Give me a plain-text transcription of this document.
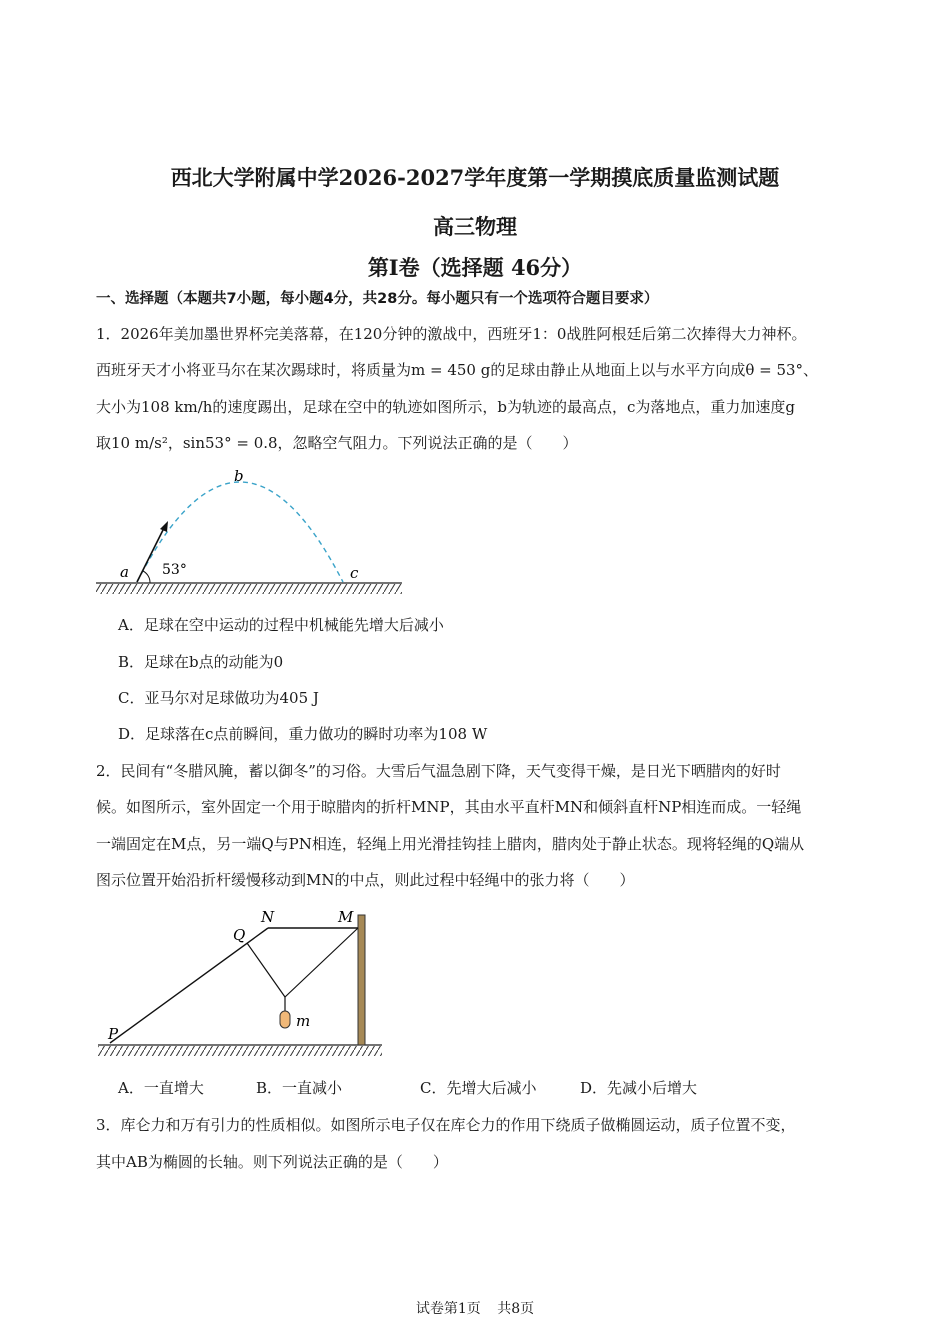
西北大学附属中学2026-2027学年度第一学期摸底质量监测试题
高三物理
第I卷（选择题 46分）
一、选择题（本题共7小题，每小题4分，共28分。每小题只有一个选项符合题目要求）
1．2026年美加墨世界杯完美落幕，在120分钟的激战中，西班牙1：0战胜阿根廷后第二次捧得大力神杯。
西班牙天才小将亚马尔在某次踢球时，将质量为m = 450 g的足球由静止从地面上以与水平方向成θ = 53°、
大小为108 km/h的速度踢出，足球在空中的轨迹如图所示，b为轨迹的最高点，c为落地点，重力加速度g
取10 m/s²，sin53° = 0.8，忽略空气阻力。下列说法正确的是（　　）
a
b
c
53°
A．足球在空中运动的过程中机械能先增大后减小
B．足球在b点的动能为0
C．亚马尔对足球做功为405 J
D．足球落在c点前瞬间，重力做功的瞬时功率为108 W
2．民间有“冬腊风腌，蓄以御冬”的习俗。大雪后气温急剧下降，天气变得干燥，是日光下晒腊肉的好时
候。如图所示，室外固定一个用于晾腊肉的折杆MNP，其由水平直杆MN和倾斜直杆NP相连而成。一轻绳
一端固定在M点，另一端Q与PN相连，轻绳上用光滑挂钩挂上腊肉，腊肉处于静止状态。现将轻绳的Q端从
图示位置开始沿折杆缓慢移动到MN的中点，则此过程中轻绳中的张力将（　　）
N	M
Q
P
m
A．一直增大	B．一直减小	C．先增大后减小	D．先减小后增大
3．库仑力和万有引力的性质相似。如图所示电子仅在库仑力的作用下绕质子做椭圆运动，质子位置不变，
其中AB为椭圆的长轴。则下列说法正确的是（　　）
试卷第1页 共8页
